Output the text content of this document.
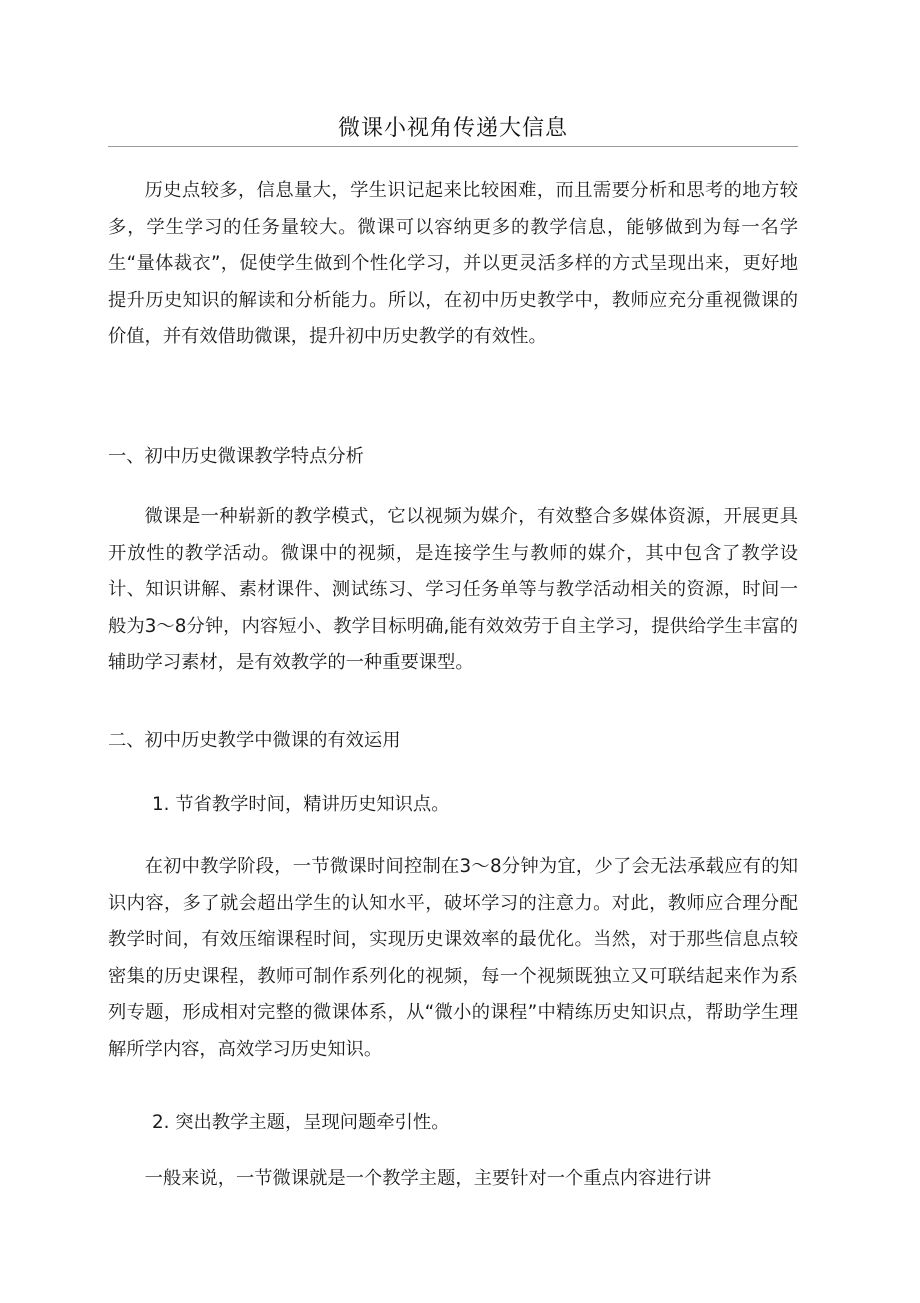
微课小视角传递大信息

历史点较多，信息量大，学生识记起来比较困难，而且需要分析和思考的地方较多，学生学习的任务量较大。微课可以容纳更多的教学信息，能够做到为每一名学生“量体裁衣”，促使学生做到个性化学习，并以更灵活多样的方式呈现出来，更好地提升历史知识的解读和分析能力。所以，在初中历史教学中，教师应充分重视微课的价值，并有效借助微课，提升初中历史教学的有效性。

一、初中历史微课教学特点分析

微课是一种崭新的教学模式，它以视频为媒介，有效整合多媒体资源，开展更具开放性的教学活动。微课中的视频，是连接学生与教师的媒介，其中包含了教学设计、知识讲解、素材课件、测试练习、学习任务单等与教学活动相关的资源，时间一般为3～8分钟，内容短小、教学目标明确,能有效效劳于自主学习，提供给学生丰富的辅助学习素材，是有效教学的一种重要课型。

二、初中历史教学中微课的有效运用

1. 节省教学时间，精讲历史知识点。

在初中教学阶段，一节微课时间控制在3～8分钟为宜，少了会无法承载应有的知识内容，多了就会超出学生的认知水平，破坏学习的注意力。对此，教师应合理分配教学时间，有效压缩课程时间，实现历史课效率的最优化。当然，对于那些信息点较密集的历史课程，教师可制作系列化的视频，每一个视频既独立又可联结起来作为系列专题，形成相对完整的微课体系，从“微小的课程”中精练历史知识点，帮助学生理解所学内容，高效学习历史知识。

2. 突出教学主题，呈现问题牵引性。

一般来说，一节微课就是一个教学主题，主要针对一个重点内容进行讲
